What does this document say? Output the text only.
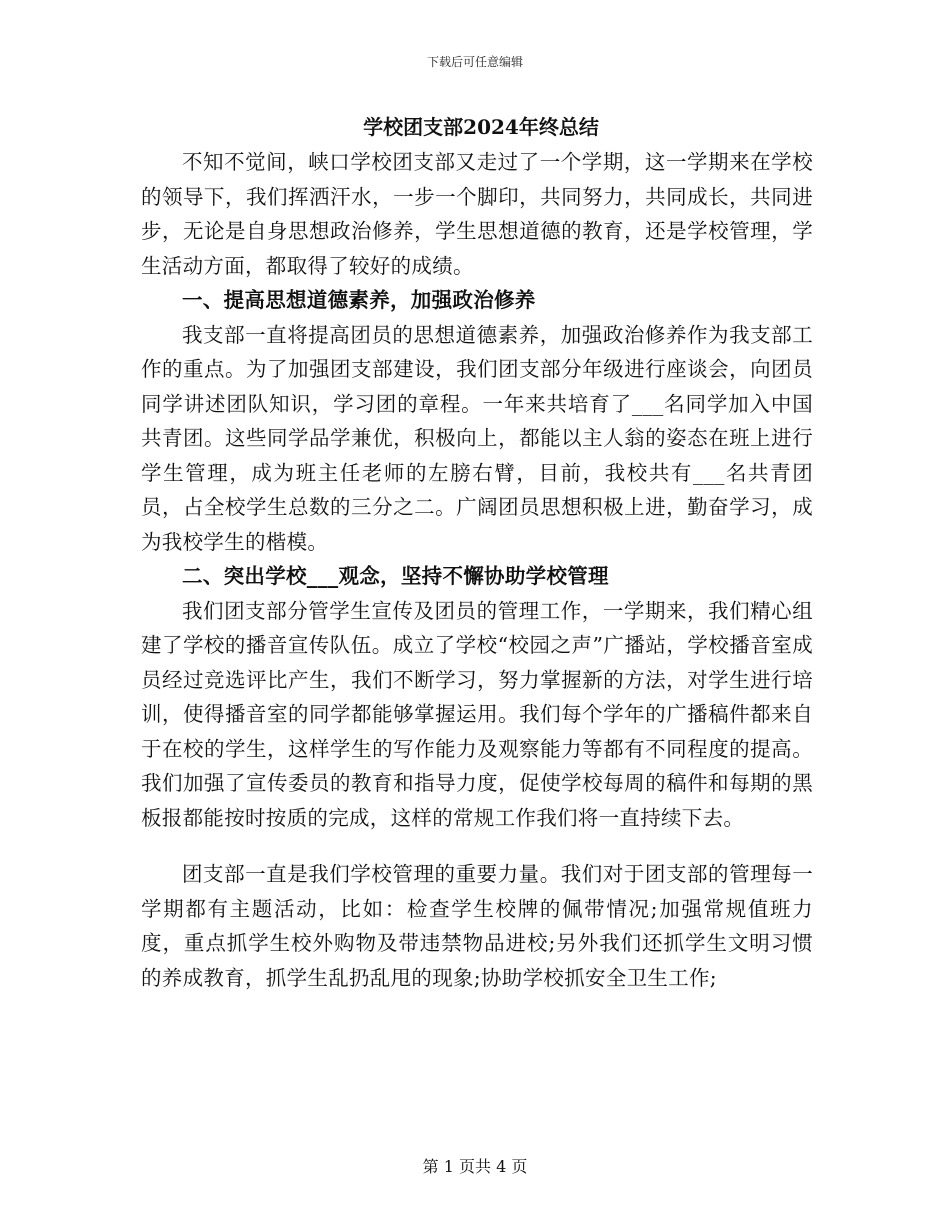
下载后可任意编辑
学校团支部2024年终总结

不知不觉间，峡口学校团支部又走过了一个学期，这一学期来在学校的领导下，我们挥洒汗水，一步一个脚印，共同努力，共同成长，共同进步，无论是自身思想政治修养，学生思想道德的教育，还是学校管理，学生活动方面，都取得了较好的成绩。

一、提高思想道德素养，加强政治修养

我支部一直将提高团员的思想道德素养，加强政治修养作为我支部工作的重点。为了加强团支部建设，我们团支部分年级进行座谈会，向团员同学讲述团队知识，学习团的章程。一年来共培育了___名同学加入中国共青团。这些同学品学兼优，积极向上，都能以主人翁的姿态在班上进行学生管理，成为班主任老师的左膀右臂，目前，我校共有___名共青团员，占全校学生总数的三分之二。广阔团员思想积极上进，勤奋学习，成为我校学生的楷模。

二、突出学校___观念，坚持不懈协助学校管理

我们团支部分管学生宣传及团员的管理工作，一学期来，我们精心组建了学校的播音宣传队伍。成立了学校“校园之声”广播站，学校播音室成员经过竞选评比产生，我们不断学习，努力掌握新的方法，对学生进行培训，使得播音室的同学都能够掌握运用。我们每个学年的广播稿件都来自于在校的学生，这样学生的写作能力及观察能力等都有不同程度的提高。我们加强了宣传委员的教育和指导力度，促使学校每周的稿件和每期的黑板报都能按时按质的完成，这样的常规工作我们将一直持续下去。

团支部一直是我们学校管理的重要力量。我们对于团支部的管理每一学期都有主题活动，比如：检查学生校牌的佩带情况;加强常规值班力度，重点抓学生校外购物及带违禁物品进校;另外我们还抓学生文明习惯的养成教育，抓学生乱扔乱甩的现象;协助学校抓安全卫生工作;

第 1 页共 4 页
